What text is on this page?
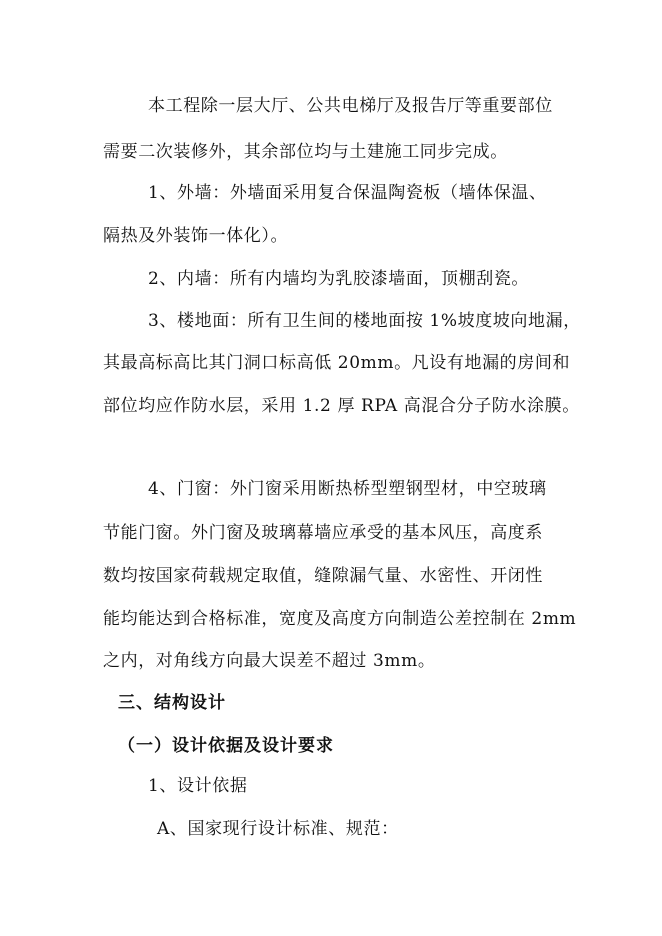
本工程除一层大厅、公共电梯厅及报告厅等重要部位
需要二次装修外，其余部位均与土建施工同步完成。
1、外墙：外墙面采用复合保温陶瓷板（墙体保温、
隔热及外装饰一体化）。
2、内墙：所有内墙均为乳胶漆墙面，顶棚刮瓷。
3、楼地面：所有卫生间的楼地面按 1%坡度坡向地漏，
其最高标高比其门洞口标高低 20mm。凡设有地漏的房间和
部位均应作防水层，采用 1.2 厚 RPA 高混合分子防水涂膜。
4、门窗：外门窗采用断热桥型塑钢型材，中空玻璃
节能门窗。外门窗及玻璃幕墙应承受的基本风压，高度系
数均按国家荷载规定取值，缝隙漏气量、水密性、开闭性
能均能达到合格标准，宽度及高度方向制造公差控制在 2mm
之内，对角线方向最大误差不超过 3mm。
三、结构设计
（一）设计依据及设计要求
1、设计依据
A、国家现行设计标准、规范：
